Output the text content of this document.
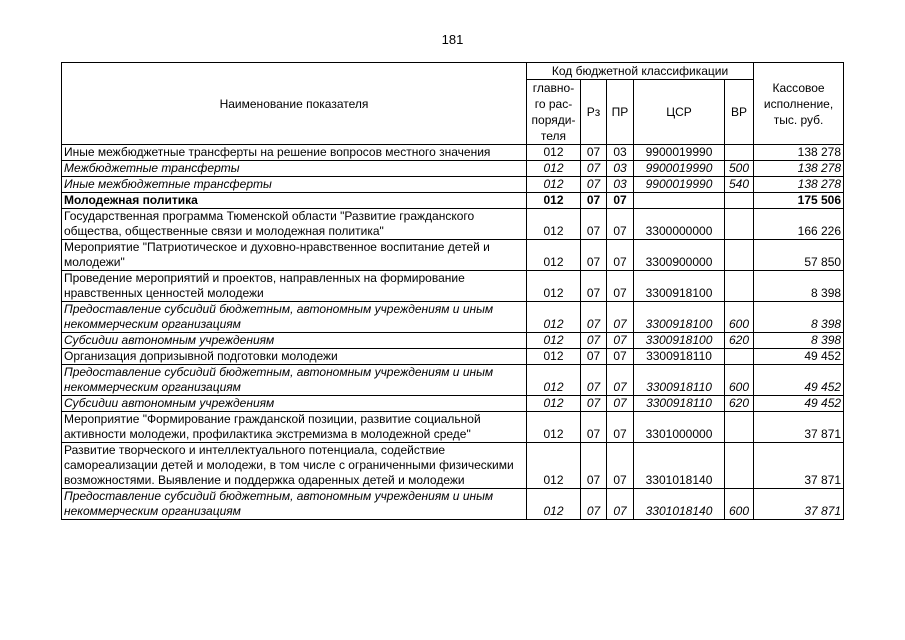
181
Наименование показателя	Код бюджетной классификации					Кассовое
исполнение,
тыс. руб.

	главно-
го рас-
поряди-
теля	Рз	ПР	ЦСР	ВР	
Иные межбюджетные трансферты на решение вопросов местного значения	012	07	03	9900019990		138 278
Межбюджетные трансферты	012	07	03	9900019990	500	138 278
Иные межбюджетные трансферты	012	07	03	9900019990	540	138 278
Молодежная политика	012	07	07			175 506
Государственная программа Тюменской области "Развитие гражданского общества, общественные связи и молодежная политика"	012	07	07	3300000000		166 226
Мероприятие "Патриотическое и духовно-нравственное воспитание детей и молодежи"	012	07	07	3300900000		57 850
Проведение мероприятий и проектов, направленных на формирование нравственных ценностей молодежи	012	07	07	3300918100		8 398
Предоставление субсидий бюджетным, автономным учреждениям и иным некоммерческим организациям	012	07	07	3300918100	600	8 398
Субсидии автономным учреждениям	012	07	07	3300918100	620	8 398
Организация допризывной подготовки молодежи	012	07	07	3300918110		49 452
Предоставление субсидий бюджетным, автономным учреждениям и иным некоммерческим организациям	012	07	07	3300918110	600	49 452
Субсидии автономным учреждениям	012	07	07	3300918110	620	49 452
Мероприятие "Формирование гражданской позиции, развитие социальной активности молодежи, профилактика экстремизма в молодежной среде"	012	07	07	3301000000		37 871
Развитие творческого и интеллектуального потенциала, содействие самореализации детей и молодежи, в том числе с ограниченными физическими возможностями. Выявление и поддержка одаренных детей и молодежи	012	07	07	3301018140		37 871
Предоставление субсидий бюджетным, автономным учреждениям и иным некоммерческим организациям	012	07	07	3301018140	600	37 871
